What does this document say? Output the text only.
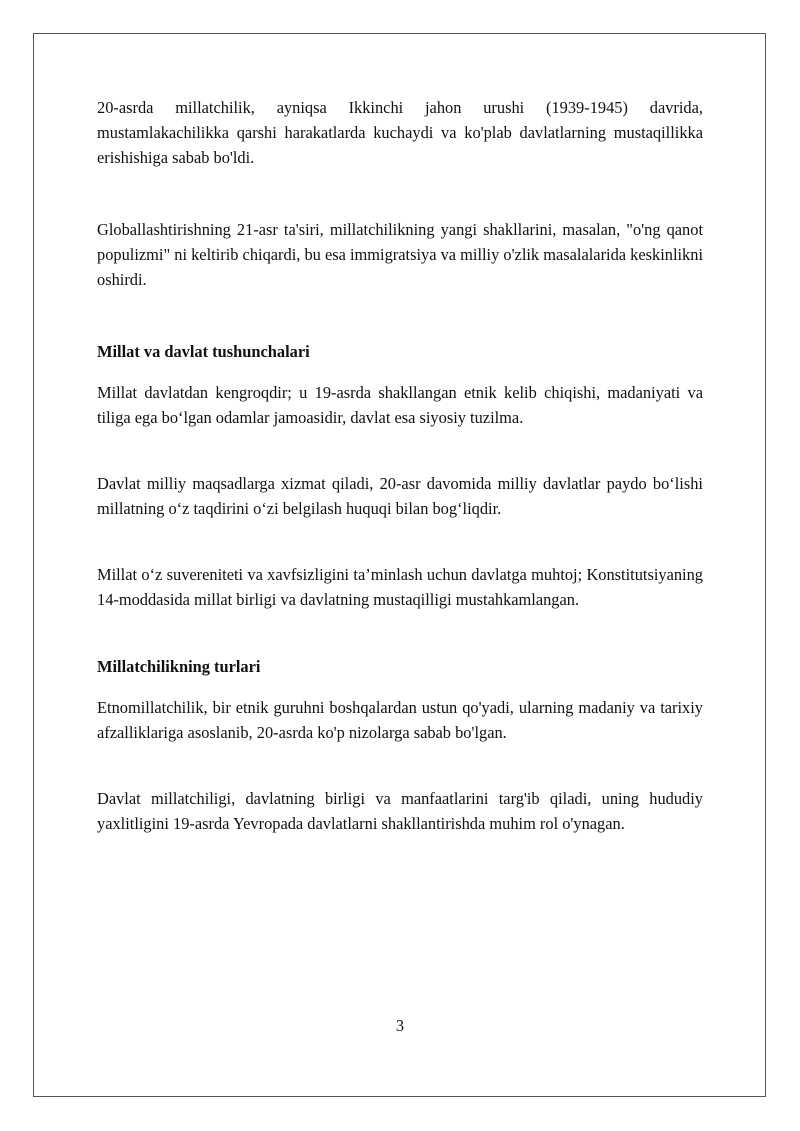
20-asrda millatchilik, ayniqsa Ikkinchi jahon urushi (1939-1945) davrida, mustamlakachilikka qarshi harakatlarda kuchaydi va ko'plab davlatlarning mustaqillikka erishishiga sabab bo'ldi.

Globallashtirishning 21-asr ta'siri, millatchilikning yangi shakllarini, masalan, "o'ng qanot populizmi" ni keltirib chiqardi, bu esa immigratsiya va milliy o'zlik masalalarida keskinlikni oshirdi.

Millat va davlat tushunchalari

Millat davlatdan kengroqdir; u 19-asrda shakllangan etnik kelib chiqishi, madaniyati va tiliga ega bo‘lgan odamlar jamoasidir, davlat esa siyosiy tuzilma.

Davlat milliy maqsadlarga xizmat qiladi, 20-asr davomida milliy davlatlar paydo bo‘lishi millatning o‘z taqdirini o‘zi belgilash huquqi bilan bog‘liqdir.

Millat o‘z suvereniteti va xavfsizligini ta’minlash uchun davlatga muhtoj; Konstitutsiyaning 14-moddasida millat birligi va davlatning mustaqilligi mustahkamlangan.

Millatchilikning turlari

Etnomillatchilik, bir etnik guruhni boshqalardan ustun qo'yadi, ularning madaniy va tarixiy afzalliklariga asoslanib, 20-asrda ko'p nizolarga sabab bo'lgan.

Davlat millatchiligi, davlatning birligi va manfaatlarini targ'ib qiladi, uning hududiy yaxlitligini 19-asrda Yevropada davlatlarni shakllantirishda muhim rol o'ynagan.

3
